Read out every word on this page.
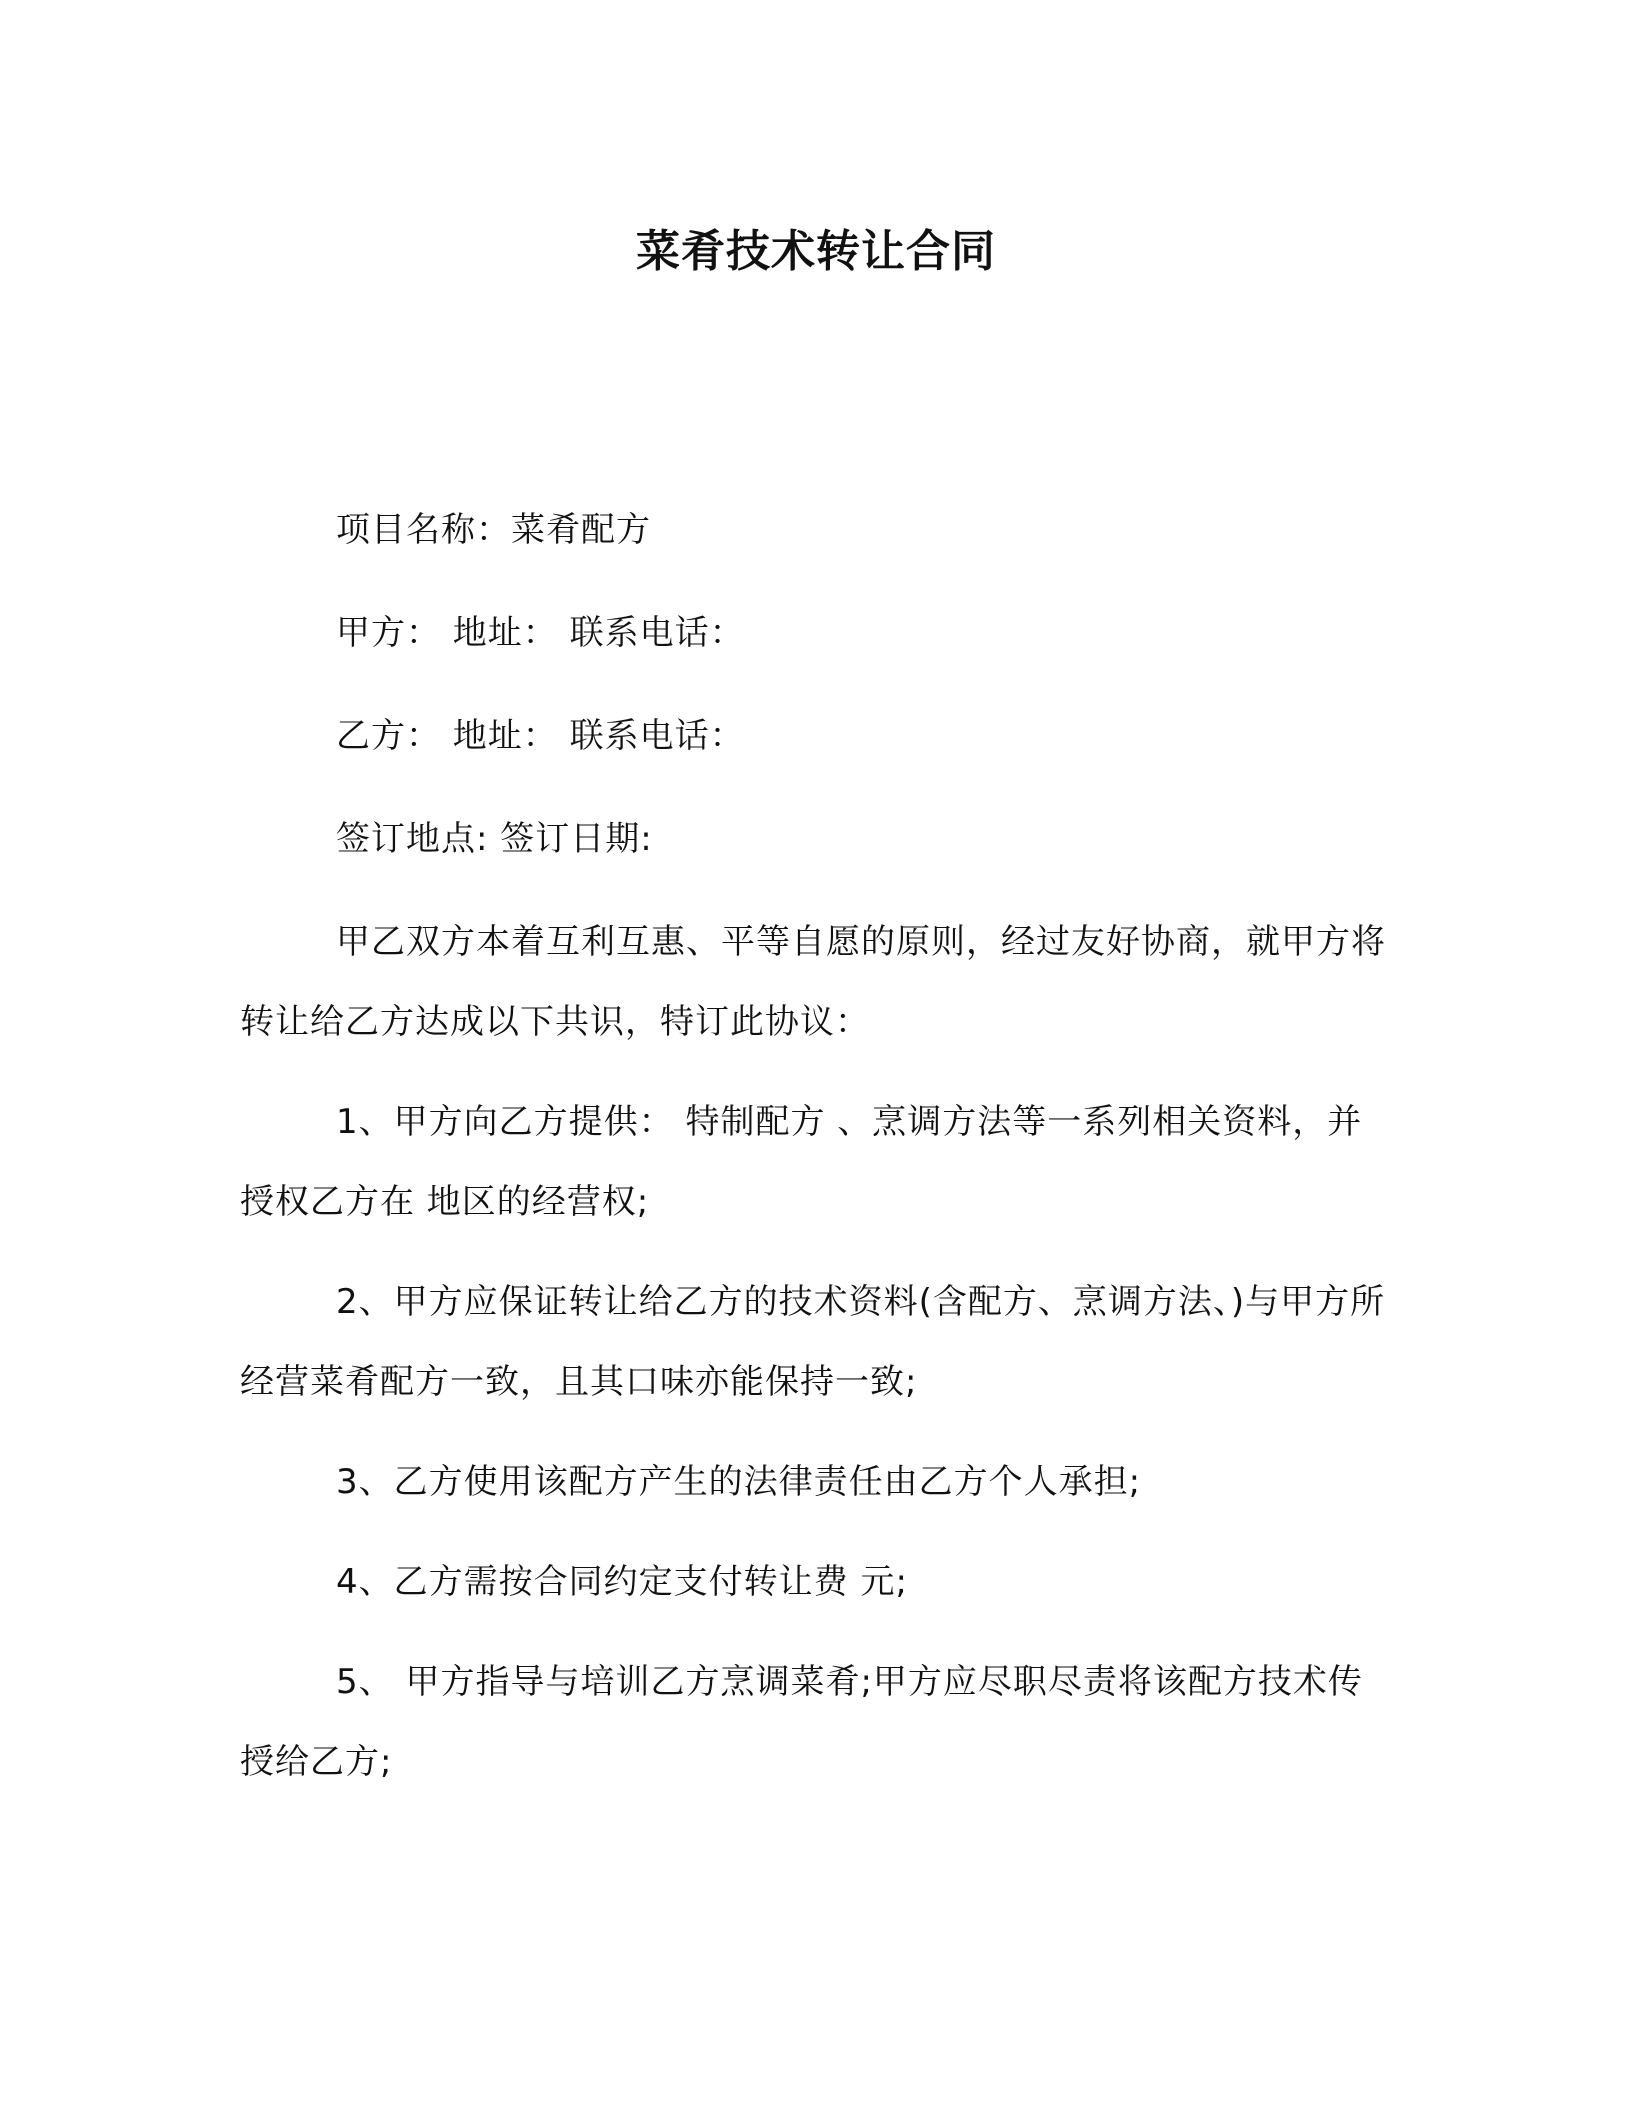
菜肴技术转让合同

项目名称：菜肴配方

甲方： 地址： 联系电话：

乙方： 地址： 联系电话：

签订地点: 签订日期:

甲乙双方本着互利互惠、平等自愿的原则，经过友好协商，就甲方将 转让给乙方达成以下共识，特订此协议：

1、甲方向乙方提供： 特制配方 、烹调方法等一系列相关资料，并授权乙方在 地区的经营权;

2、甲方应保证转让给乙方的技术资料(含配方、烹调方法、)与甲方所经营菜肴配方一致，且其口味亦能保持一致;

3、乙方使用该配方产生的法律责任由乙方个人承担;

4、乙方需按合同约定支付转让费 元;

5、 甲方指导与培训乙方烹调菜肴;甲方应尽职尽责将该配方技术传授给乙方;
